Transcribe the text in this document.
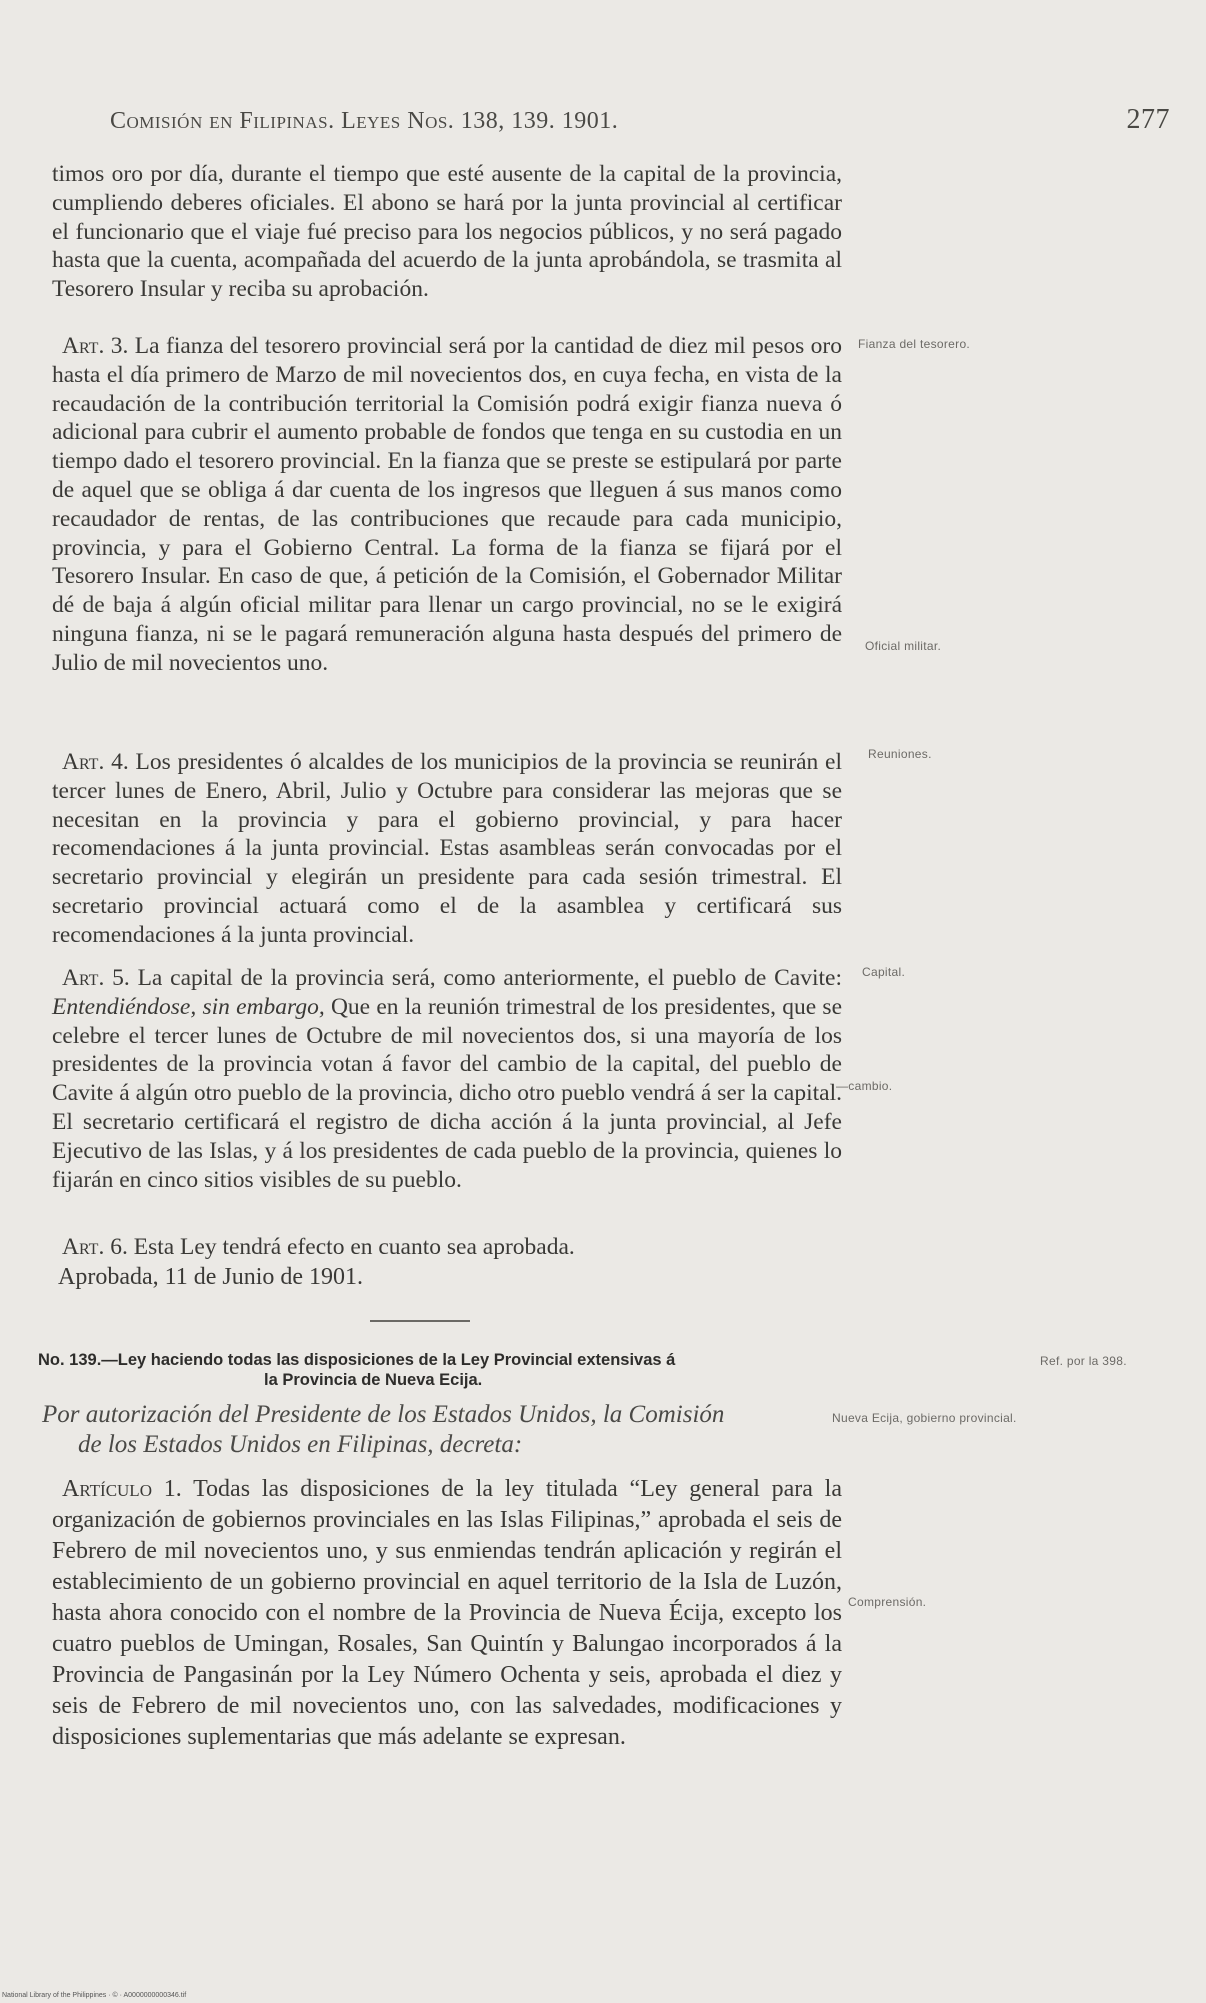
Comisión en Filipinas. Leyes Nos. 138, 139. 1901.	277

timos oro por día, durante el tiempo que esté ausente de la capital de la provincia, cumpliendo deberes oficiales. El abono se hará por la junta provincial al certificar el funcionario que el viaje fué preciso para los negocios públicos, y no será pagado hasta que la cuenta, acompañada del acuerdo de la junta aprobándola, se trasmita al Tesorero Insular y reciba su aprobación.

Art. 3. La fianza del tesorero provincial será por la cantidad de diez mil pesos oro hasta el día primero de Marzo de mil novecientos dos, en cuya fecha, en vista de la recaudación de la contribución territorial la Comisión podrá exigir fianza nueva ó adicional para cubrir el aumento probable de fondos que tenga en su custodia en un tiempo dado el tesorero provincial. En la fianza que se preste se estipulará por parte de aquel que se obliga á dar cuenta de los ingresos que lleguen á sus manos como recaudador de rentas, de las contribuciones que recaude para cada municipio, provincia, y para el Gobierno Central. La forma de la fianza se fijará por el Tesorero Insular. En caso de que, á petición de la Comisión, el Gobernador Militar dé de baja á algún oficial militar para llenar un cargo provincial, no se le exigirá ninguna fianza, ni se le pagará remuneración alguna hasta después del primero de Julio de mil novecientos uno.

Art. 4. Los presidentes ó alcaldes de los municipios de la provincia se reunirán el tercer lunes de Enero, Abril, Julio y Octubre para considerar las mejoras que se necesitan en la provincia y para el gobierno provincial, y para hacer recomendaciones á la junta provincial. Estas asambleas serán convocadas por el secretario provincial y elegirán un presidente para cada sesión trimestral. El secretario provincial actuará como el de la asamblea y certificará sus recomendaciones á la junta provincial.

Art. 5. La capital de la provincia será, como anteriormente, el pueblo de Cavite: Entendiéndose, sin embargo, Que en la reunión trimestral de los presidentes, que se celebre el tercer lunes de Octubre de mil novecientos dos, si una mayoría de los presidentes de la provincia votan á favor del cambio de la capital, del pueblo de Cavite á algún otro pueblo de la provincia, dicho otro pueblo vendrá á ser la capital. El secretario certificará el registro de dicha acción á la junta provincial, al Jefe Ejecutivo de las Islas, y á los presidentes de cada pueblo de la provincia, quienes lo fijarán en cinco sitios visibles de su pueblo.

Art. 6. Esta Ley tendrá efecto en cuanto sea aprobada.

Aprobada, 11 de Junio de 1901.
No. 139.—Ley haciendo todas las disposiciones de la Ley Provincial extensivas á
la Provincia de Nueva Ecija.
Por autorización del Presidente de los Estados Unidos, la Comisión
de los Estados Unidos en Filipinas, decreta:

Artículo 1. Todas las disposiciones de la ley titulada “Ley general para la organización de gobiernos provinciales en las Islas Filipinas,” aprobada el seis de Febrero de mil novecientos uno, y sus enmiendas tendrán aplicación y regirán el establecimiento de un gobierno provincial en aquel territorio de la Isla de Luzón, hasta ahora conocido con el nombre de la Provincia de Nueva Écija, excepto los cuatro pueblos de Umingan, Rosales, San Quintín y Balungao incorporados á la Provincia de Pangasinán por la Ley Número Ochenta y seis, aprobada el diez y seis de Febrero de mil novecientos uno, con las salvedades, modificaciones y disposiciones suplementarias que más adelante se expresan.

Fianza del tesorero.
Oficial militar.
Reuniones.
Capital.
—cambio.
Ref. por la 398.
Nueva Ecija, gobierno provincial.
Comprensión.
National Library of the Philippines · © · A0000000000346.tif
